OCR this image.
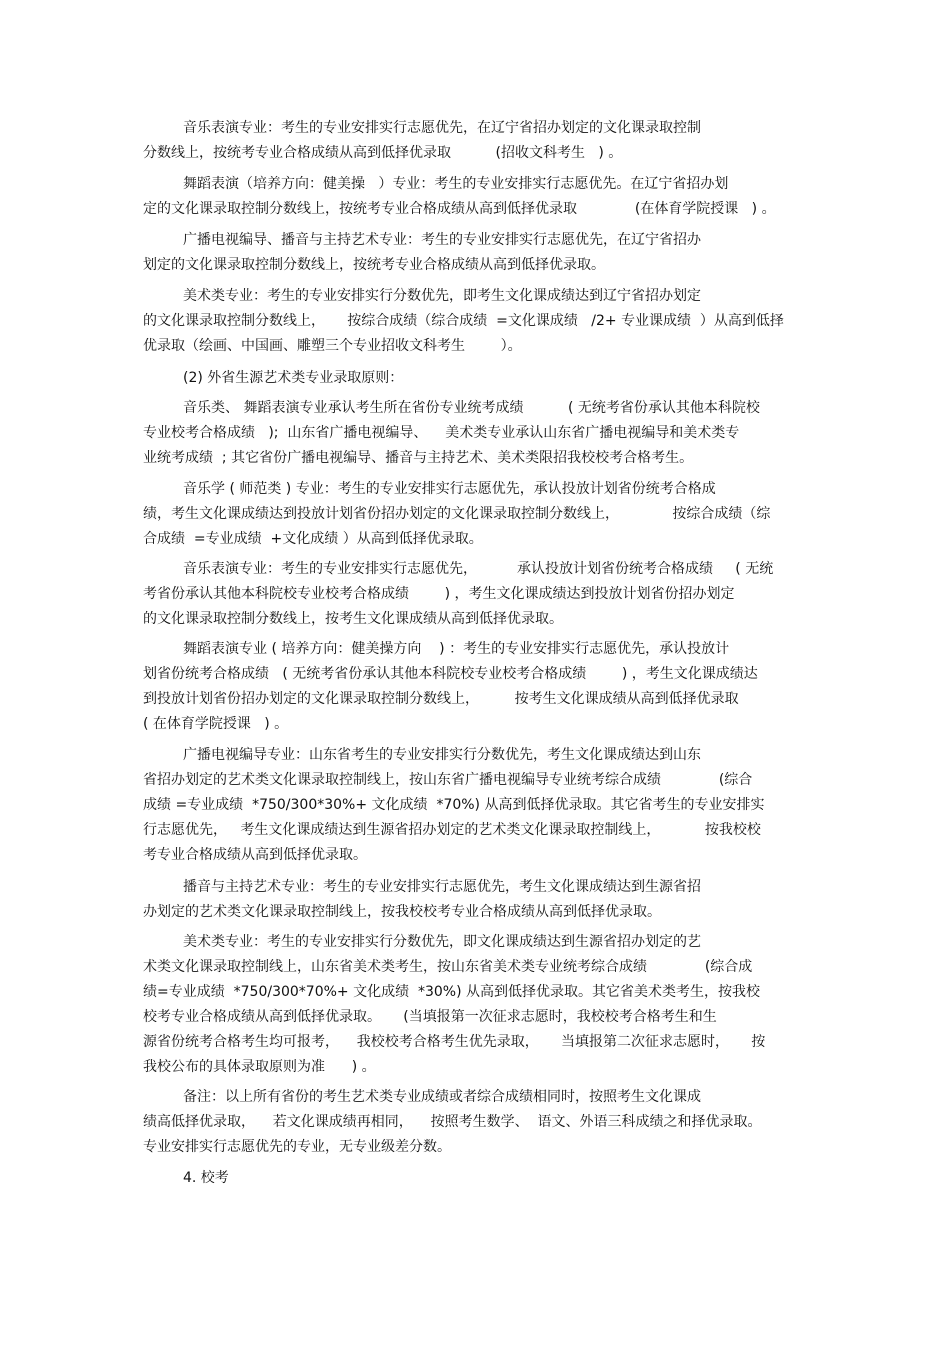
音乐表演专业：考生的专业安排实行志愿优先，在辽宁省招办划定的文化课录取控制
分数线上，按统考专业合格成绩从高到低择优录取          (招收文科考生   ) 。
舞蹈表演（培养方向：健美操   ）专业：考生的专业安排实行志愿优先。在辽宁省招办划
定的文化课录取控制分数线上，按统考专业合格成绩从高到低择优录取             (在体育学院授课   ) 。
广播电视编导、播音与主持艺术专业：考生的专业安排实行志愿优先，在辽宁省招办
划定的文化课录取控制分数线上，按统考专业合格成绩从高到低择优录取。
美术类专业：考生的专业安排实行分数优先，即考生文化课成绩达到辽宁省招办划定
的文化课录取控制分数线上，     按综合成绩（综合成绩  =文化课成绩   /2+ 专业课成绩  ）从高到低择
优录取（绘画、中国画、雕塑三个专业招收文科考生        ）。
(2) 外省生源艺术类专业录取原则：
音乐类、 舞蹈表演专业承认考生所在省份专业统考成绩          ( 无统考省份承认其他本科院校
专业校考合格成绩   );  山东省广播电视编导、    美术类专业承认山东省广播电视编导和美术类专
业统考成绩  ; 其它省份广播电视编导、播音与主持艺术、美术类限招我校校考合格考生。
音乐学 ( 师范类 ) 专业：考生的专业安排实行志愿优先，承认投放计划省份统考合格成
绩，考生文化课成绩达到投放计划省份招办划定的文化课录取控制分数线上，            按综合成绩（综
合成绩  =专业成绩  +文化成绩 ）从高到低择优录取。
音乐表演专业：考生的专业安排实行志愿优先，         承认投放计划省份统考合格成绩     ( 无统
考省份承认其他本科院校专业校考合格成绩        ) ，考生文化课成绩达到投放计划省份招办划定
的文化课录取控制分数线上，按考生文化课成绩从高到低择优录取。
舞蹈表演专业 ( 培养方向：健美操方向    ) ：考生的专业安排实行志愿优先，承认投放计
划省份统考合格成绩   ( 无统考省份承认其他本科院校专业校考合格成绩        ) ，考生文化课成绩达
到投放计划省份招办划定的文化课录取控制分数线上，        按考生文化课成绩从高到低择优录取
( 在体育学院授课   ) 。
广播电视编导专业：山东省考生的专业安排实行分数优先，考生文化课成绩达到山东
省招办划定的艺术类文化课录取控制线上，按山东省广播电视编导专业统考综合成绩             (综合
成绩 =专业成绩  *750/300*30%+ 文化成绩  *70%) 从高到低择优录取。其它省考生的专业安排实
行志愿优先，   考生文化课成绩达到生源省招办划定的艺术类文化课录取控制线上，          按我校校
考专业合格成绩从高到低择优录取。
播音与主持艺术专业：考生的专业安排实行志愿优先，考生文化课成绩达到生源省招
办划定的艺术类文化课录取控制线上，按我校校考专业合格成绩从高到低择优录取。
美术类专业：考生的专业安排实行分数优先，即文化课成绩达到生源省招办划定的艺
术类文化课录取控制线上，山东省美术类考生，按山东省美术类专业统考综合成绩             (综合成
绩=专业成绩  *750/300*70%+ 文化成绩  *30%) 从高到低择优录取。其它省美术类考生，按我校
校考专业合格成绩从高到低择优录取。     (当填报第一次征求志愿时，我校校考合格考生和生
源省份统考合格考生均可报考，    我校校考合格考生优先录取，     当填报第二次征求志愿时，     按
我校公布的具体录取原则为准      ) 。
备注：以上所有省份的考生艺术类专业成绩或者综合成绩相同时，按照考生文化课成
绩高低择优录取，    若文化课成绩再相同，    按照考生数学、  语文、外语三科成绩之和择优录取。
专业安排实行志愿优先的专业，无专业级差分数。
4. 校考
